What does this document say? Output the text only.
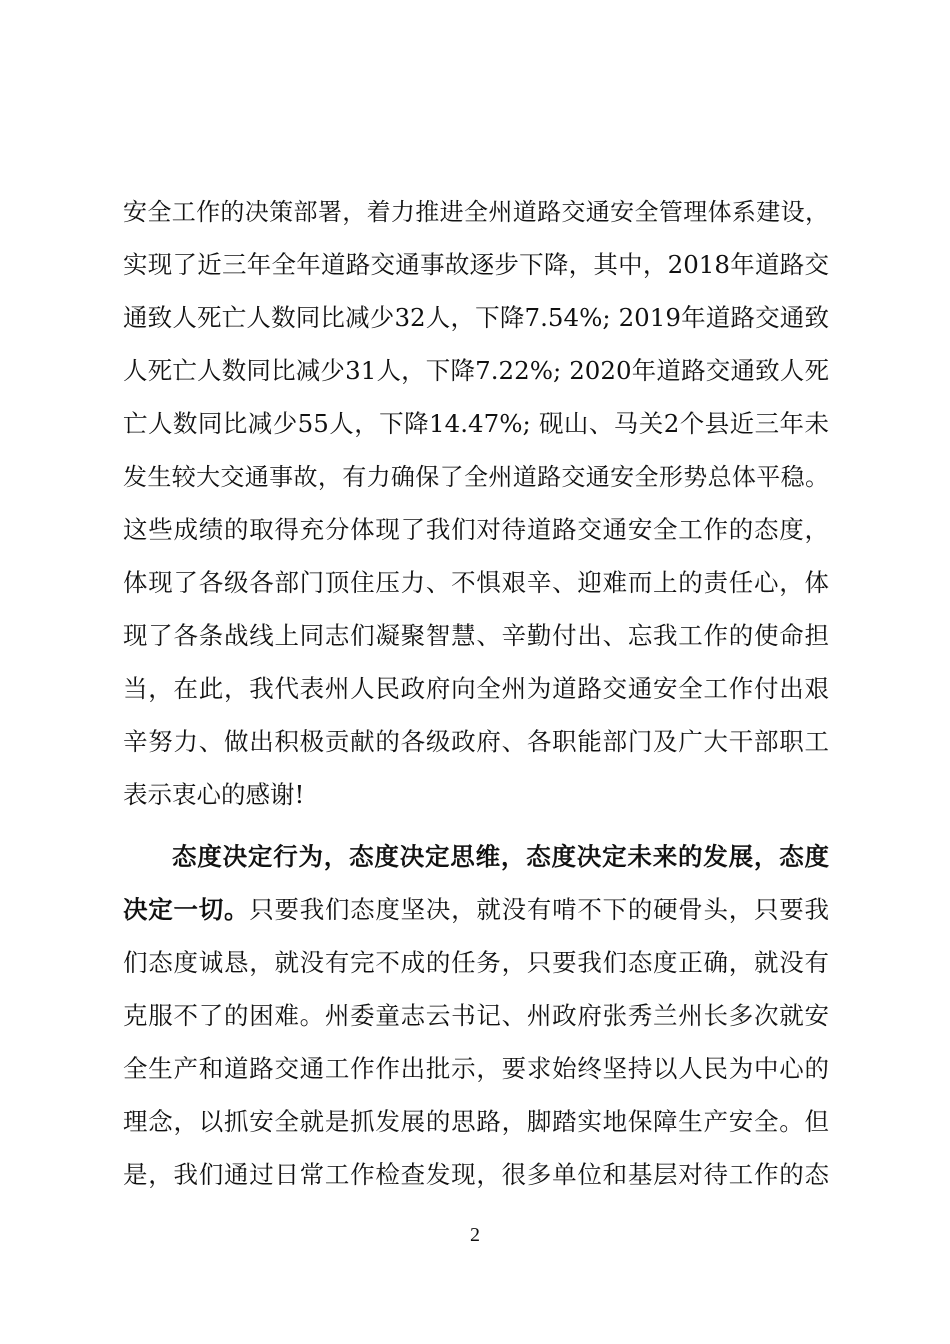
安全工作的决策部署，着力推进全州道路交通安全管理体系建设，
实现了近三年全年道路交通事故逐步下降，其中，2018年道路交
通致人死亡人数同比减少32人，下降7.54%; 2019年道路交通致
人死亡人数同比减少31人，下降7.22%; 2020年道路交通致人死
亡人数同比减少55人，下降14.47%; 砚山、马关2个县近三年未
发生较大交通事故，有力确保了全州道路交通安全形势总体平稳。
这些成绩的取得充分体现了我们对待道路交通安全工作的态度，
体现了各级各部门顶住压力、不惧艰辛、迎难而上的责任心，体
现了各条战线上同志们凝聚智慧、辛勤付出、忘我工作的使命担
当，在此，我代表州人民政府向全州为道路交通安全工作付出艰
辛努力、做出积极贡献的各级政府、各职能部门及广大干部职工
表示衷心的感谢!
态度决定行为，态度决定思维，态度决定未来的发展，态度
决定一切。只要我们态度坚决，就没有啃不下的硬骨头，只要我
们态度诚恳，就没有完不成的任务，只要我们态度正确，就没有
克服不了的困难。州委童志云书记、州政府张秀兰州长多次就安
全生产和道路交通工作作出批示，要求始终坚持以人民为中心的
理念，以抓安全就是抓发展的思路，脚踏实地保障生产安全。但
是，我们通过日常工作检查发现，很多单位和基层对待工作的态
2
